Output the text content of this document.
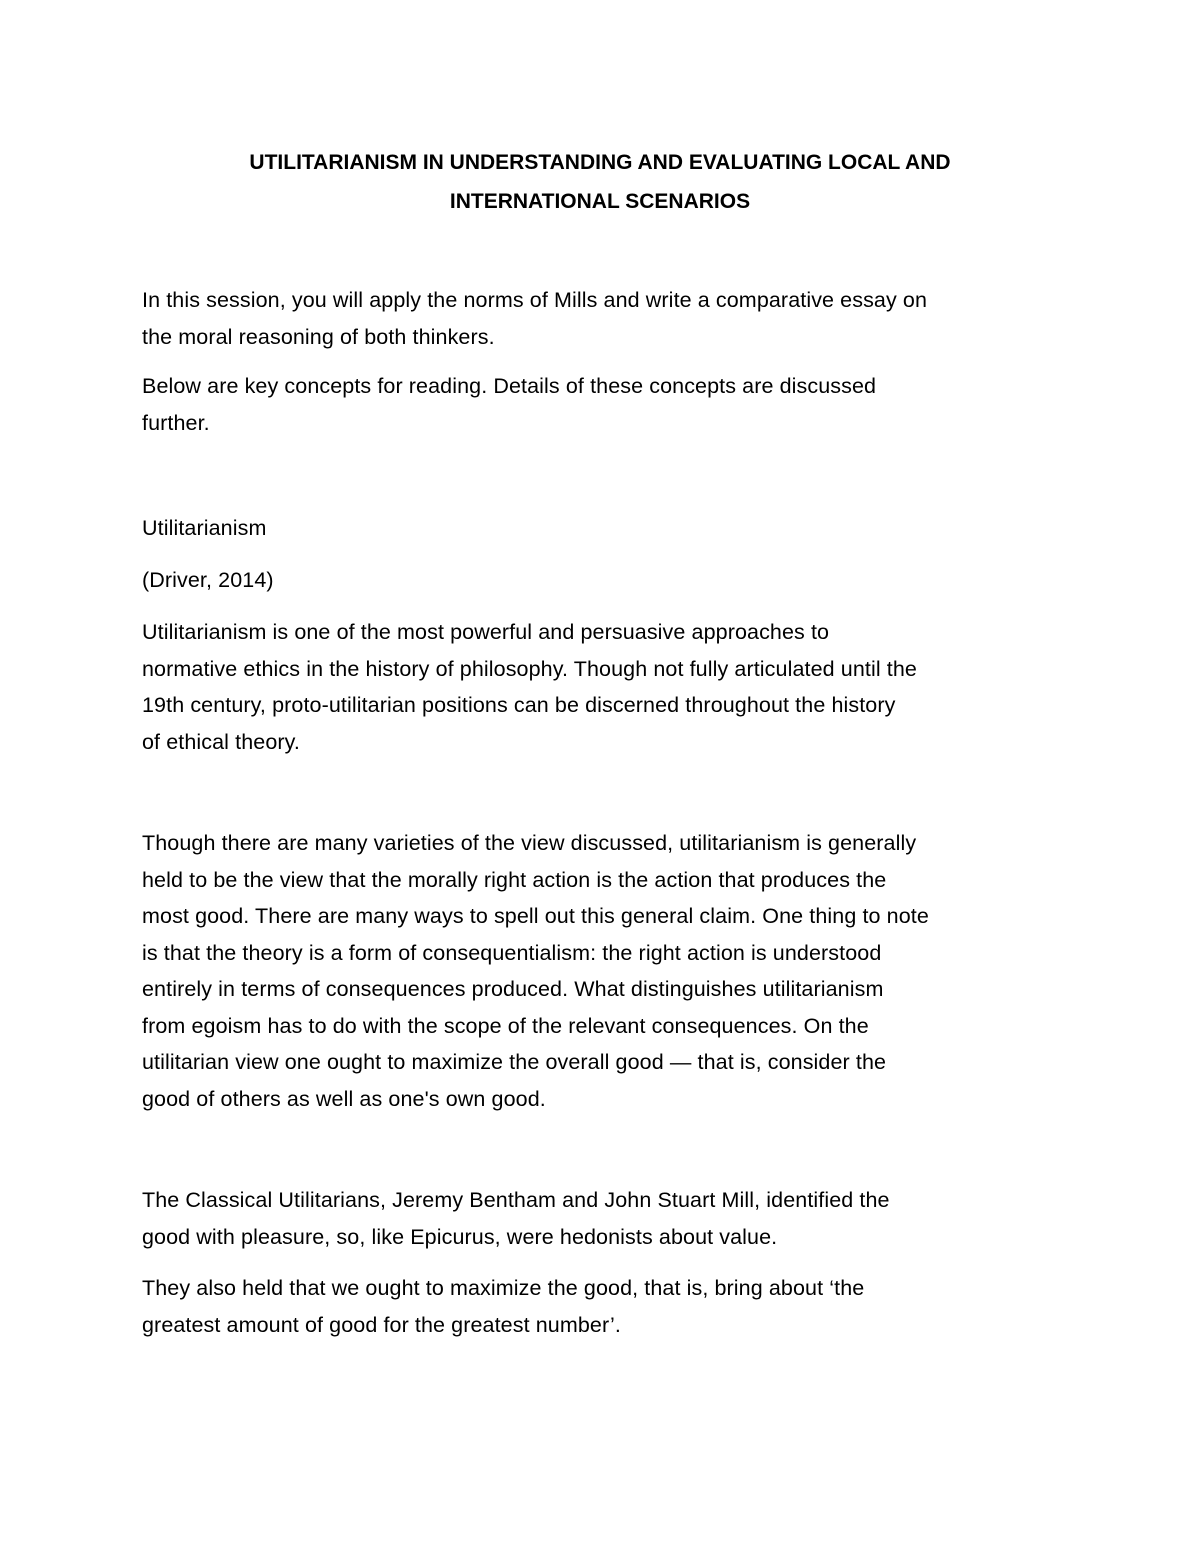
UTILITARIANISM IN UNDERSTANDING AND EVALUATING LOCAL AND
INTERNATIONAL SCENARIOS

In this session, you will apply the norms of Mills and write a comparative essay on
the moral reasoning of both thinkers.

Below are key concepts for reading. Details of these concepts are discussed
further.

Utilitarianism

(Driver, 2014)

Utilitarianism is one of the most powerful and persuasive approaches to
normative ethics in the history of philosophy. Though not fully articulated until the
19th century, proto-utilitarian positions can be discerned throughout the history
of ethical theory.

Though there are many varieties of the view discussed, utilitarianism is generally
held to be the view that the morally right action is the action that produces the
most good. There are many ways to spell out this general claim. One thing to note
is that the theory is a form of consequentialism: the right action is understood
entirely in terms of consequences produced. What distinguishes utilitarianism
from egoism has to do with the scope of the relevant consequences. On the
utilitarian view one ought to maximize the overall good — that is, consider the
good of others as well as one's own good.

The Classical Utilitarians, Jeremy Bentham and John Stuart Mill, identified the
good with pleasure, so, like Epicurus, were hedonists about value.

They also held that we ought to maximize the good, that is, bring about ‘the
greatest amount of good for the greatest number’.
